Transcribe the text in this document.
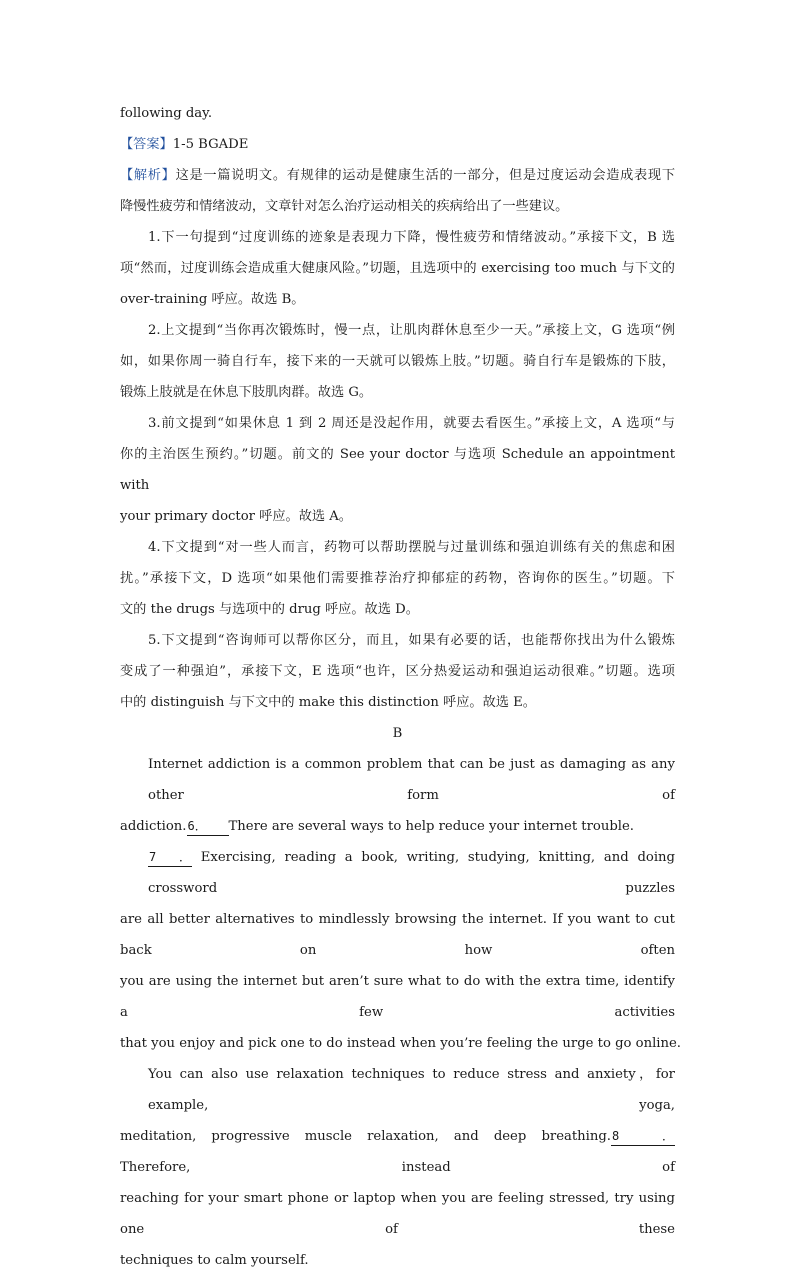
following day.

【答案】1-5 BGADE

【解析】这是一篇说明文。有规律的运动是健康生活的一部分，但是过度运动会造成表现下

降慢性疲劳和情绪波动，文章针对怎么治疗运动相关的疾病给出了一些建议。

1.下一句提到“过度训练的迹象是表现力下降，慢性疲劳和情绪波动。”承接下文，B 选

项“然而，过度训练会造成重大健康风险。”切题，且选项中的 exercising too much 与下文的

over-training 呼应。故选 B。

2.上文提到“当你再次锻炼时，慢一点，让肌肉群休息至少一天。”承接上文，G 选项“例

如，如果你周一骑自行车，接下来的一天就可以锻炼上肢。”切题。骑自行车是锻炼的下肢，

锻炼上肢就是在休息下肢肌肉群。故选 G。

3.前文提到“如果休息 1 到 2 周还是没起作用，就要去看医生。”承接上文，A 选项“与

你的主治医生预约。”切题。前文的 See your doctor 与选项 Schedule an appointment with

your primary doctor 呼应。故选 A。

4.下文提到“对一些人而言，药物可以帮助摆脱与过量训练和强迫训练有关的焦虑和困

扰。”承接下文，D 选项“如果他们需要推荐治疗抑郁症的药物，咨询你的医生。”切题。下

文的 the drugs 与选项中的 drug 呼应。故选 D。

5.下文提到“咨询师可以帮你区分，而且，如果有必要的话，也能帮你找出为什么锻炼

变成了一种强迫”，承接下文，E 选项“也许，区分热爱运动和强迫运动很难。”切题。选项

中的 distinguish 与下文中的 make this distinction 呼应。故选 E。

B

Internet addiction is a common problem that can be just as damaging as any other form of

addiction.6． There are several ways to help reduce your internet trouble.

7． Exercising, reading a book, writing, studying, knitting, and doing crossword puzzles

are all better alternatives to mindlessly browsing the internet. If you want to cut back on how often

you are using the internet but aren’t sure what to do with the extra time, identify a few activities

that you enjoy and pick one to do instead when you’re feeling the urge to go online.

You can also use relaxation techniques to reduce stress and anxiety，for example, yoga,

meditation, progressive muscle relaxation, and deep breathing.8．Therefore, instead of

reaching for your smart phone or laptop when you are feeling stressed, try using one of these

techniques to calm yourself.
